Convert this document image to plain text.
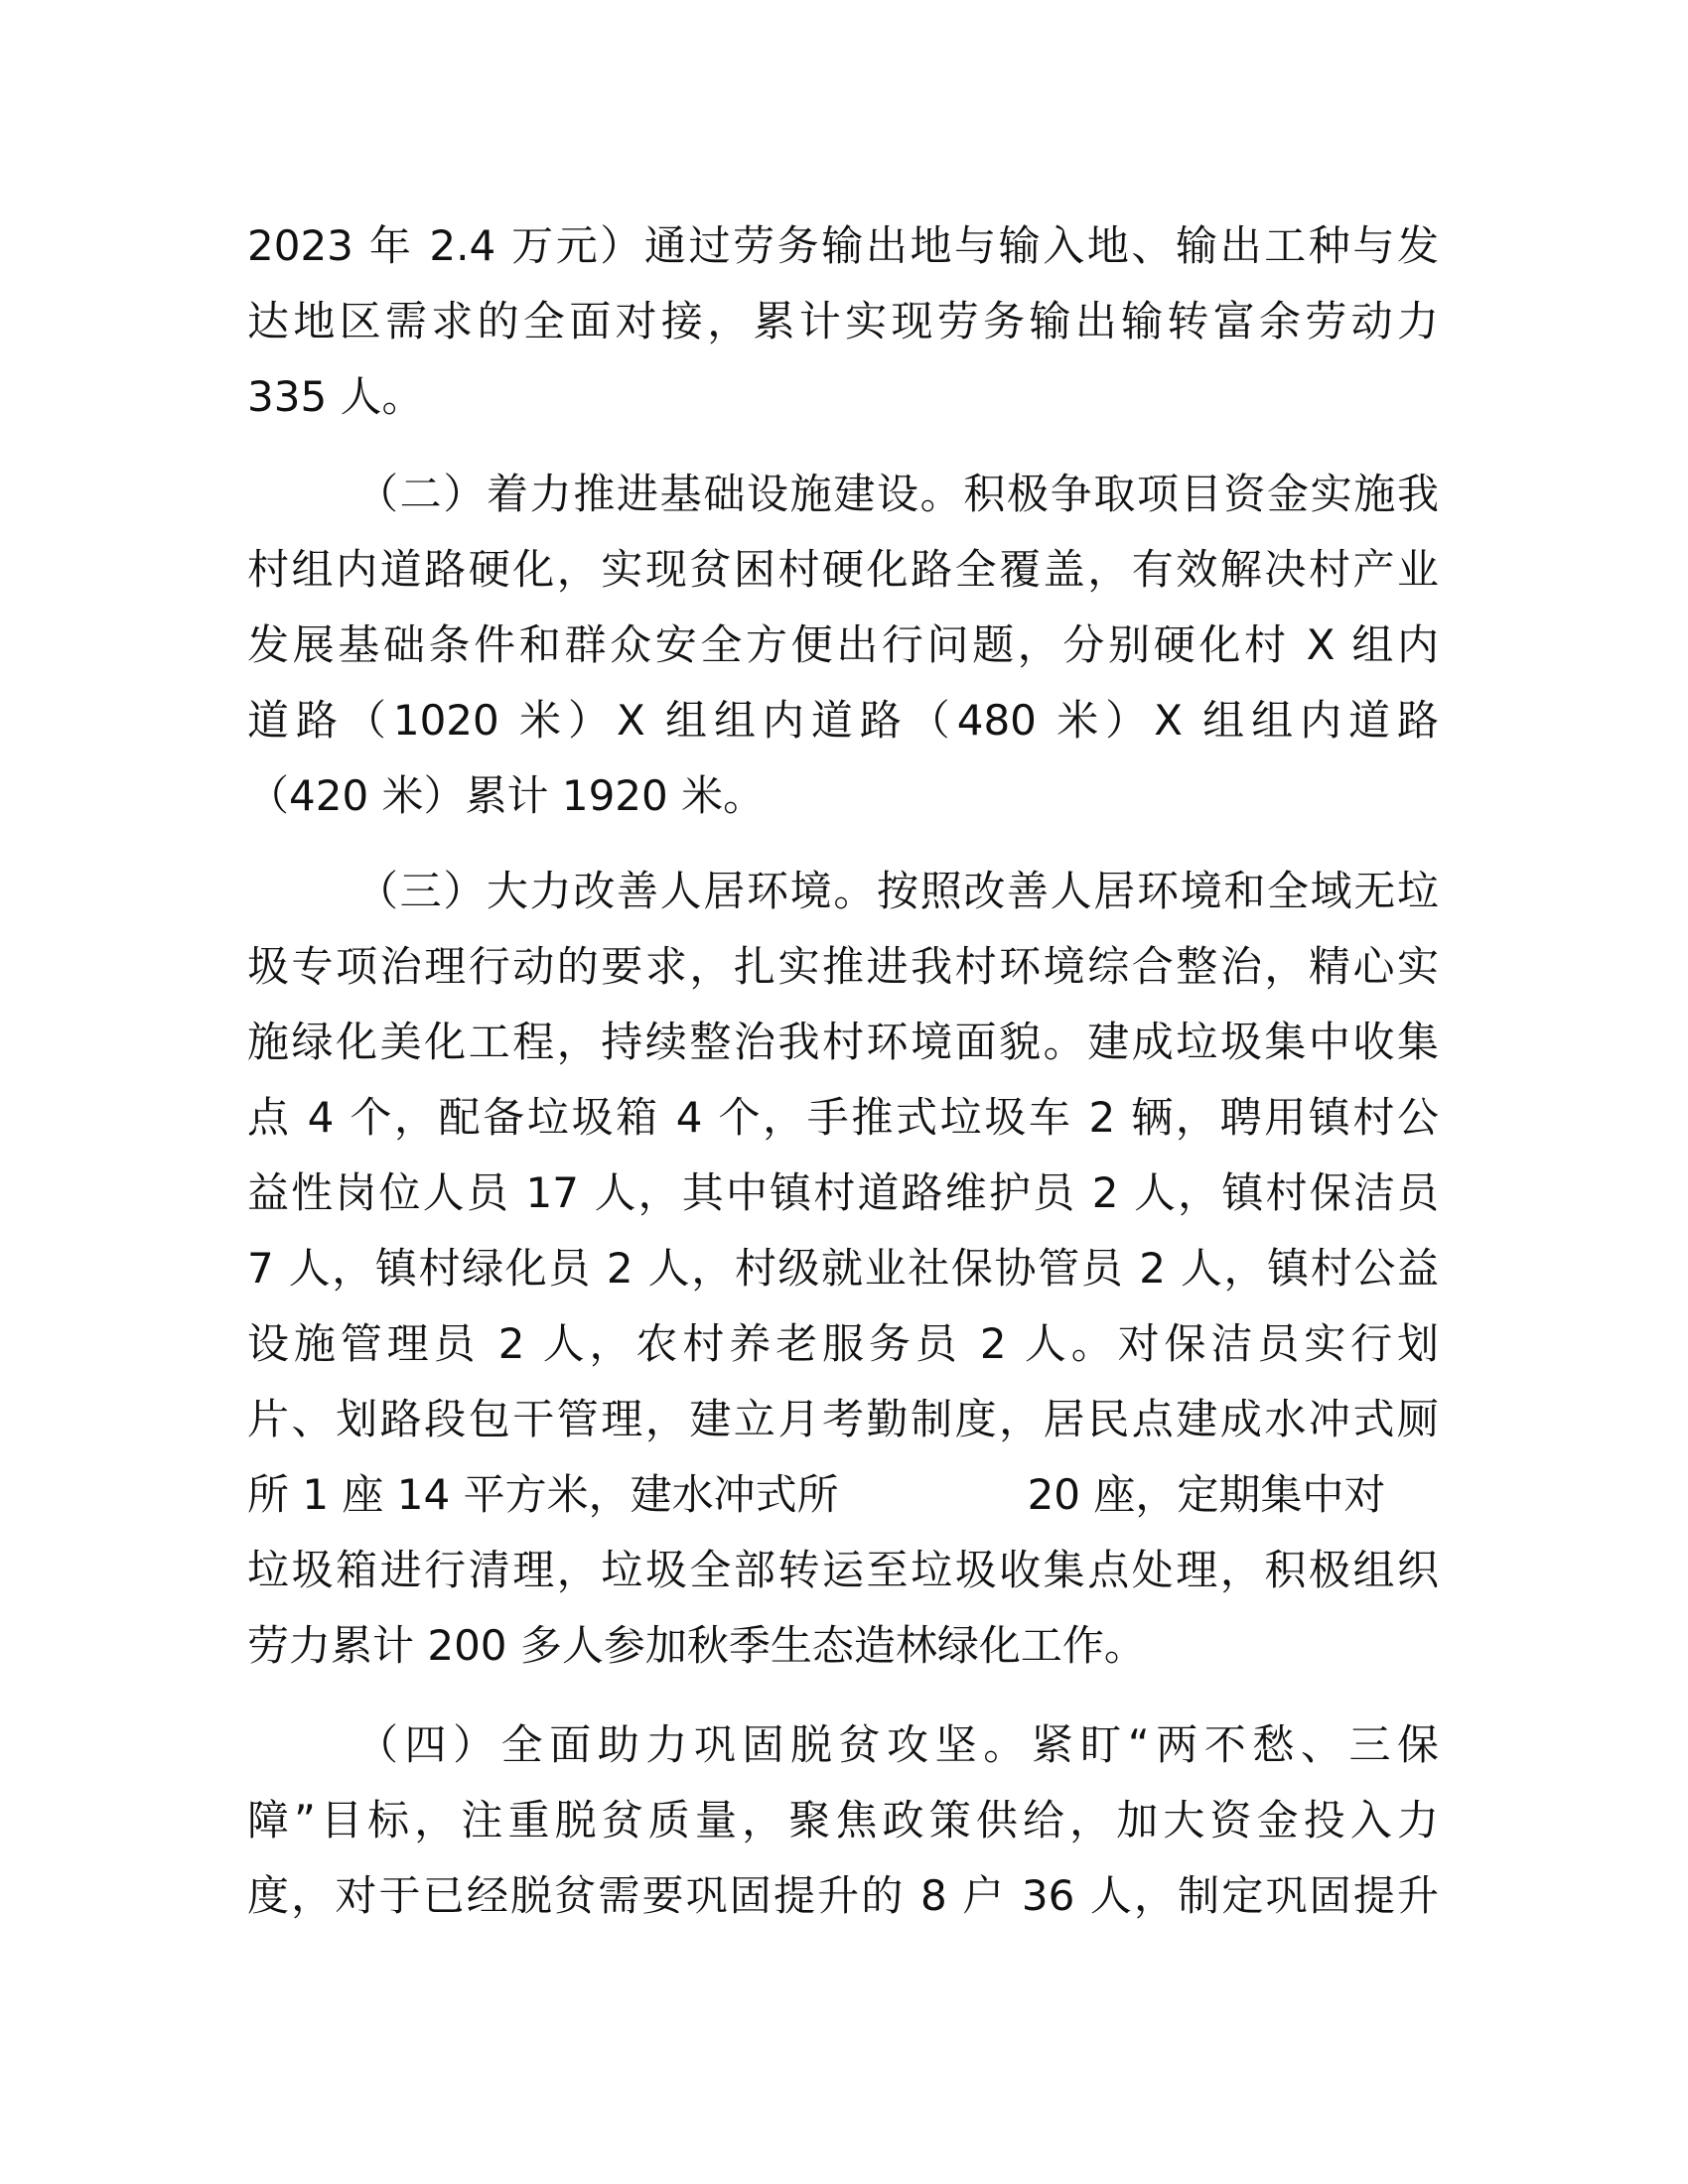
2023 年 2.4 万元）通过劳务输出地与输入地、输出工种与发
达地区需求的全面对接，累计实现劳务输出输转富余劳动力
335 人。
（二）着力推进基础设施建设。积极争取项目资金实施我
村组内道路硬化，实现贫困村硬化路全覆盖，有效解决村产业
发展基础条件和群众安全方便出行问题，分别硬化村 X 组内
道路（1020 米）X 组组内道路（480 米）X 组组内道路
（420 米）累计 1920 米。
（三）大力改善人居环境。按照改善人居环境和全域无垃
圾专项治理行动的要求，扎实推进我村环境综合整治，精心实
施绿化美化工程，持续整治我村环境面貌。建成垃圾集中收集
点 4 个，配备垃圾箱 4 个，手推式垃圾车 2 辆，聘用镇村公
益性岗位人员 17 人，其中镇村道路维护员 2 人，镇村保洁员
7 人，镇村绿化员 2 人，村级就业社保协管员 2 人，镇村公益
设施管理员 2 人，农村养老服务员 2 人。对保洁员实行划
片、划路段包干管理，建立月考勤制度，居民点建成水冲式厕
所 1 座 14 平方米，建水冲式所	20 座，定期集中对
垃圾箱进行清理，垃圾全部转运至垃圾收集点处理，积极组织
劳力累计 200 多人参加秋季生态造林绿化工作。
（四）全面助力巩固脱贫攻坚。紧盯“两不愁、三保
障”目标，注重脱贫质量，聚焦政策供给，加大资金投入力
度，对于已经脱贫需要巩固提升的 8 户 36 人，制定巩固提升
